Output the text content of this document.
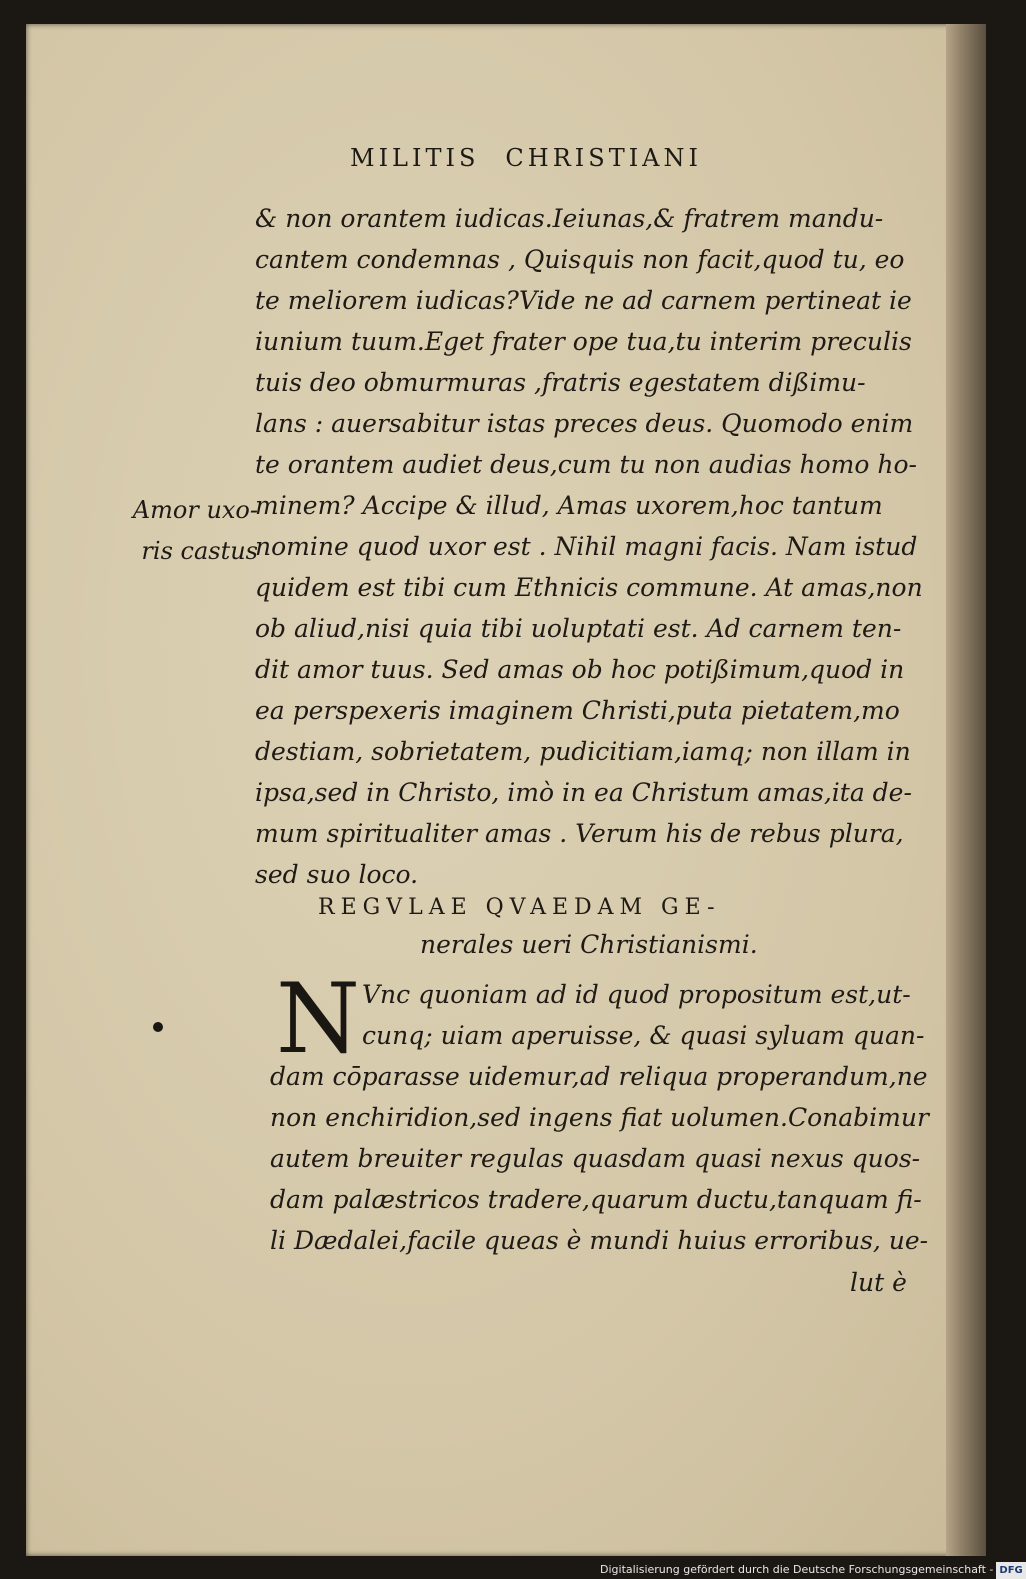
MILITIS CHRISTIANI
& non orantem iudicas.Ieiunas,& fratrem mandu-
cantem condemnas , Quisquis non facit,quod tu, eo
te meliorem iudicas?Vide ne ad carnem pertineat ie
iunium tuum.Eget frater ope tua,tu interim preculis
tuis deo obmurmuras ,fratris egestatem dißimu-
lans : auersabitur istas preces deus. Quomodo enim
te orantem audiet deus,cum tu non audias homo ho-
minem? Accipe & illud, Amas uxorem,hoc tantum
nomine quod uxor est . Nihil magni facis. Nam istud
quidem est tibi cum Ethnicis commune. At amas,non
ob aliud,nisi quia tibi uoluptati est. Ad carnem ten-
dit amor tuus. Sed amas ob hoc potißimum,quod in
ea perspexeris imaginem Christi,puta pietatem,mo
destiam, sobrietatem, pudicitiam,iamq; non illam in
ipsa,sed in Christo, imò in ea Christum amas,ita de-
mum spiritualiter amas . Verum his de rebus plura,
sed suo loco.
Amor uxo-
ris castus
REGVLAE QVAEDAM GE-
nerales ueri Christianismi.
N Vnc quoniam ad id quod propositum est,ut-
cunq; uiam aperuisse, & quasi syluam quan-
dam cōparasse uidemur,ad reliqua properandum,ne
non enchiridion,sed ingens fiat uolumen.Conabimur
autem breuiter regulas quasdam quasi nexus quos-
dam palæstricos tradere,quarum ductu,tanquam fi-
li Dædalei,facile queas è mundi huius erroribus, ue-
lut è
Digitalisierung gefördert durch die Deutsche Forschungsgemeinschaft - DFG
